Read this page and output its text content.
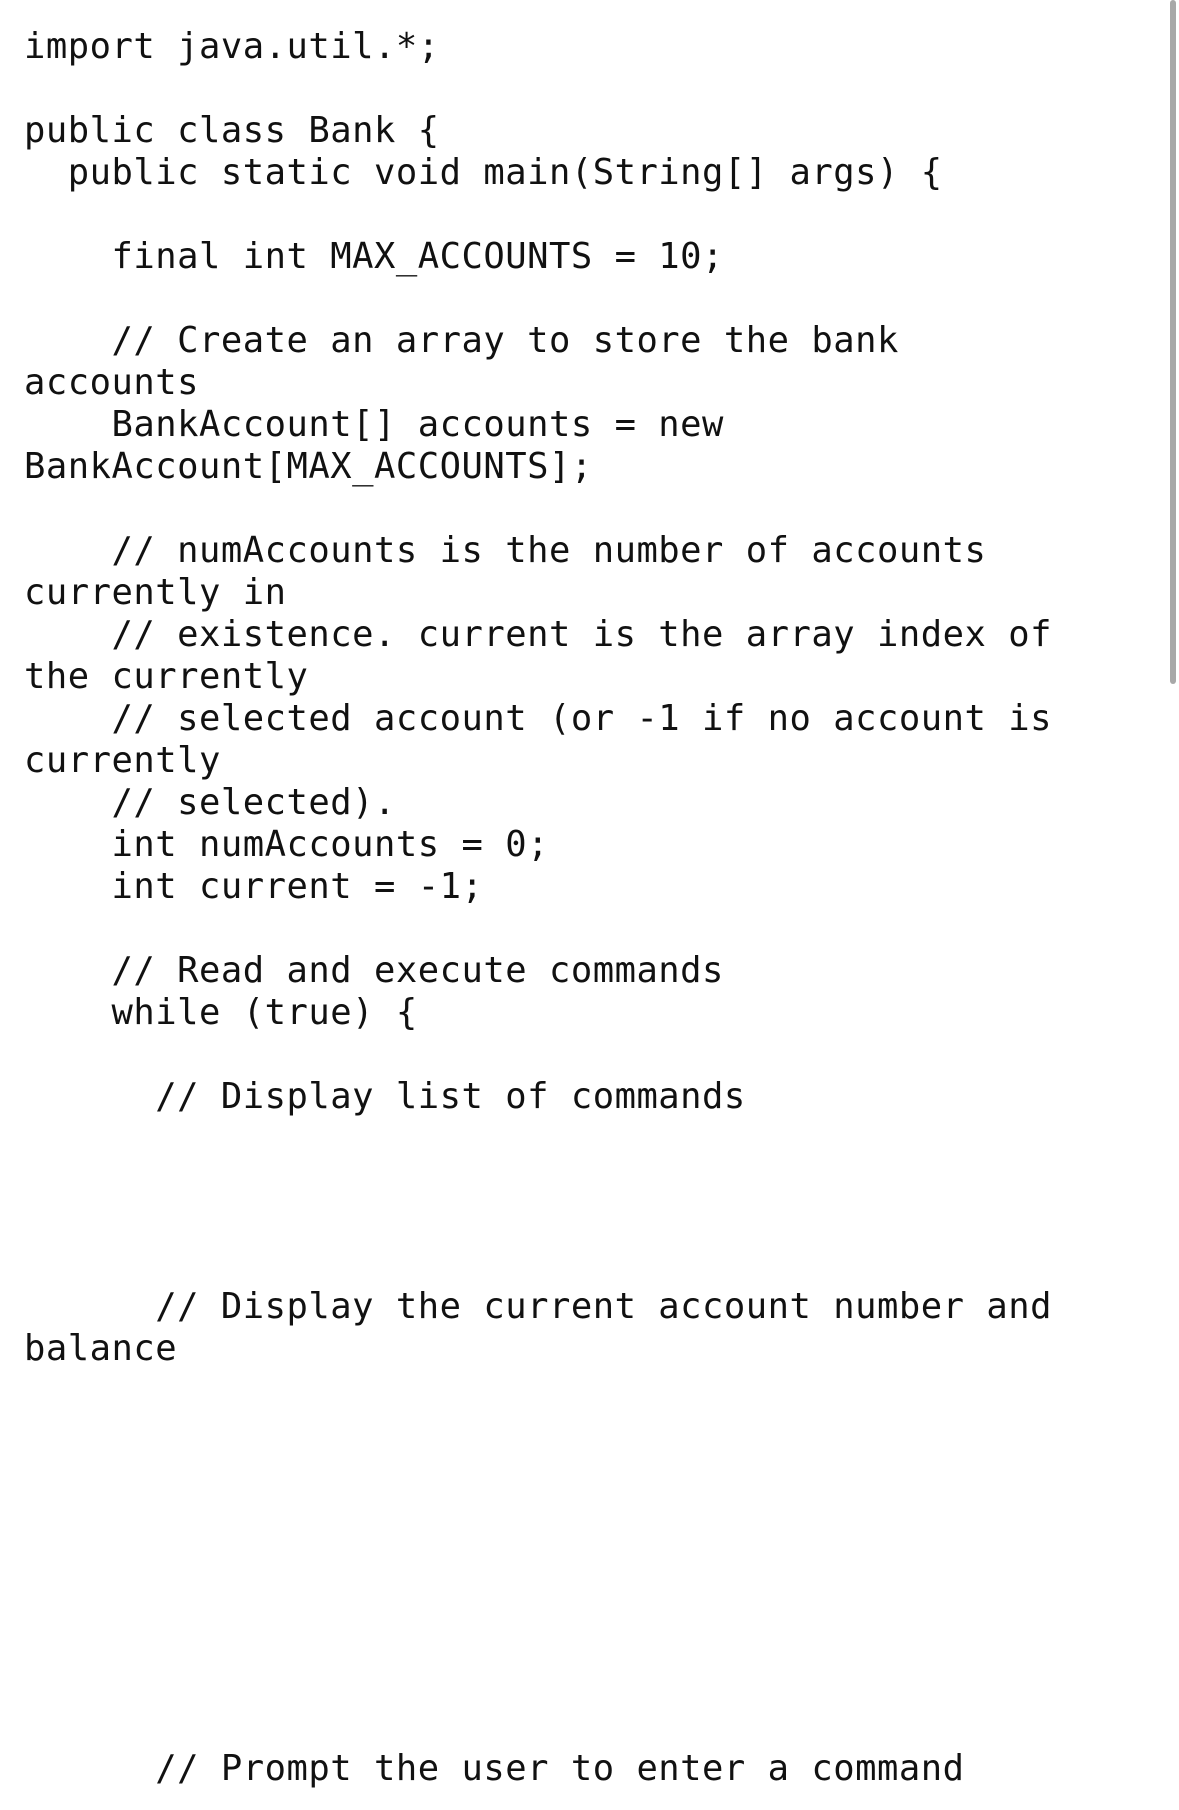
import java.util.*;
public class Bank {
public static void main(String[] args) {
final int MAX_ACCOUNTS = 10;
// Create an array to store the bank
accounts
BankAccount[] accounts = new
BankAccount[MAX_ACCOUNTS];
// numAccounts is the number of accounts
currently in
// existence. current is the array index of
the currently
// selected account (or -1 if no account is
currently
// selected).
int numAccounts = 0;
int current = -1;
// Read and execute commands
while (true) {
// Display list of commands
// Display the current account number and
balance
// Prompt the user to enter a command
